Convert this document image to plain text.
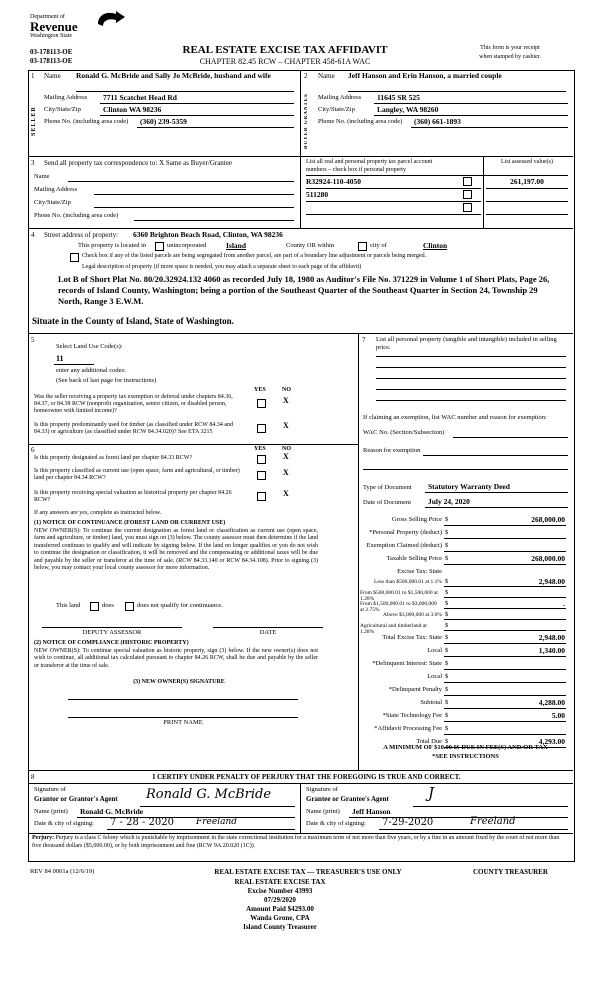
Department of
Revenue
Washington State
03-178113-OE
03-178113-OE
REAL ESTATE EXCISE TAX AFFIDAVIT
CHAPTER 82.45 RCW – CHAPTER 458-61A WAC
This form is your receipt
when stamped by cashier.
1
SELLER
Name Ronald G. McBride and Sally Jo McBride, husband and wife
Mailing Address 7711 Scatchet Head Rd
City/State/Zip	Clinton WA 98236
Phone No. (including area code) (360) 239-5359
2
BUYER GRANTEE
Name Jeff Hanson and Erin Hanson, a married couple
Mailing Address 11645 SR 525
City/State/Zip	Langley, WA 98260
Phone No. (including area code) (360) 661-1893
3 Send all property tax correspondence to: X Same as Buyer/Grantee
Name
Mailing Address
City/State/Zip
Phone No. (including area code)
List all real and personal property tax parcel account
numbers – check box if personal property
List assessed value(s)
R32924-110-4050	261,197.00
511280
4 Street address of property: 6360 Brighton Beach Road, Clinton, WA 98236
This property is located in	unincorporated	Island	County OR within	city of	Clinton
Check box if any of the listed parcels are being segregated from another parcel, are part of a boundary line adjustment or parcels being merged.
Legal description of property (if more space is needed, you may attach a separate sheet to each page of the affidavit)
Lot B of Short Plat No. 80/20.32924.132 4060 as recorded July 18, 1980 as Auditor's File No. 371229 in Volume 1 of Short Plats, Page 26, records of Island County, Washington; being a portion of the Southeast Quarter of the Southeast Quarter in Section 24, Township 29 North, Range 3 E.W.M.
Situate in the County of Island, State of Washington.
5
Select Land Use Code(s):
11
enter any additional codes:
(See back of last page for instructions)
YES	NO
Was the seller receiving a property tax exemption or deferral under chapters 84.36, 84.37, or 84.38 RCW (nonprofit organization, senior citizen, or disabled person, homeowner with limited income)?
X
Is this property predominantly used for timber (as classified under RCW 84.34 and 84.33) or agriculture (as classified under RCW 84.34.020)? See ETA 3215
X
6	YES	NO
Is this property designated as forest land per chapter 84.33 RCW?	X
Is this property classified as current use (open space, farm and agricultural, or timber) land per chapter 84.34 RCW?
X
Is this property receiving special valuation as historical property per chapter 84.26 RCW?
X
If any answers are yes, complete as instructed below.
(1) NOTICE OF CONTINUANCE (FOREST LAND OR CURRENT USE)
NEW OWNER(S): To continue the current designation as forest land or classification as current use (open space, farm and agriculture, or timber) land, you must sign on (3) below. The county assessor must then determine if the land transferred continues to qualify and will indicate by signing below. If the land no longer qualifies or you do not wish to continue the designation or classification, it will be removed and the compensating or additional taxes will be due and payable by the seller or transferor at the time of sale. (RCW 84.33.140 or RCW 84.34.108). Prior to signing (3) below, you may contact your local county assessor for more information.
This land	does	does not qualify for continuance.
DEPUTY ASSESSOR	DATE
(2) NOTICE OF COMPLIANCE (HISTORIC PROPERTY)
NEW OWNER(S): To continue special valuation as historic property, sign (3) below. If the new owner(s) does not wish to continue, all additional tax calculated pursuant to chapter 84.26 RCW, shall be due and payable by the seller or transferor at the time of sale.
(3) NEW OWNER(S) SIGNATURE
PRINT NAME
7 List all personal property (tangible and intangible) included in selling price.
If claiming an exemption, list WAC number and reason for exemption:
WAC No. (Section/Subsection)
Reason for exemption
Type of Document Statutory Warranty Deed
Date of Document July 24, 2020
Gross Selling Price $	268,000.00
*Personal Property (deduct) $
Exemption Claimed (deduct) $
Taxable Selling Price $	268,000.00
Excise Tax: State
Less than $500,000.01 at 1.1% $	2,948.00
From $500,000.01 to $1,500,000 at 1.28%
$
From $1,500,000.01 to $3,000,000 at 2.75%
$	.
Above $3,000,000 at 3.0% $
Agricultural and timberland at 1.28%
$
Total Excise Tax: State $	2,948.00
Local $	1,340.00
*Delinquent Interest: State $
Local $
*Delinquent Penalty $
Subtotal $	4,288.00
*State Technology Fee $	5.00
*Affidavit Processing Fee $
Total Due $	4,293.00
A MINIMUM OF $10.00 IS DUE IN FEE(S) AND/OR TAX
*SEE INSTRUCTIONS
8	I CERTIFY UNDER PENALTY OF PERJURY THAT THE FOREGOING IS TRUE AND CORRECT.
Signature of
Grantor or Grantor's Agent Ronald G. McBride
Name (print) Ronald G. McBride
Date & city of signing: 7 - 28 - 2020 Freeland
Signature of
Grantee or Grantee's Agent	J
Name (print) Jeff Hanson
Date & city of signing: 7-29-2020	Freeland
Perjury: Perjury is a class C felony which is punishable by imprisonment in the state correctional institution for a maximum term of not more than five years, or by a fine in an amount fixed by the court of not more than five thousand dollars ($5,000.00), or by both imprisonment and fine (RCW 9A.20.020 (1C)).
REV 84 0001a (12/6/19)	REAL ESTATE EXCISE TAX — TREASURER'S USE ONLY	COUNTY TREASURER
REAL ESTATE EXCISE TAX
Excise Number 43993
07/29/2020
Amount Paid $4293.00
Wanda Grone, CPA
Island County Treasurer
